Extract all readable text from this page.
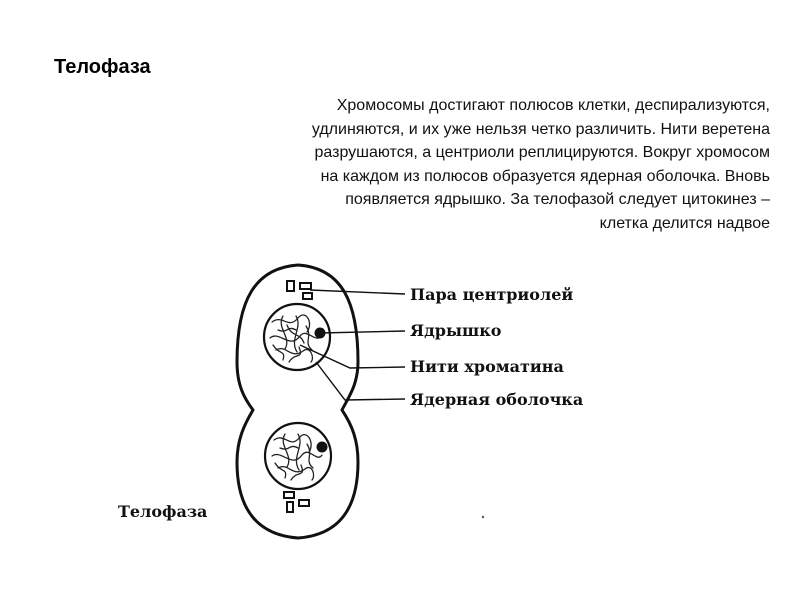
Телофаза
Хромосомы достигают полюсов клетки, деспирализуются,
удлиняются, и их уже нельзя четко различить. Нити веретена
разрушаются, а центриоли реплицируются. Вокруг хромосом
на каждом из полюсов образуется ядерная оболочка. Вновь
появляется ядрышко. За телофазой следует цитокинез –
клетка делится надвое
Пара центриолей
Ядрышко
Нити хроматина
Ядерная оболочка
Телофаза
